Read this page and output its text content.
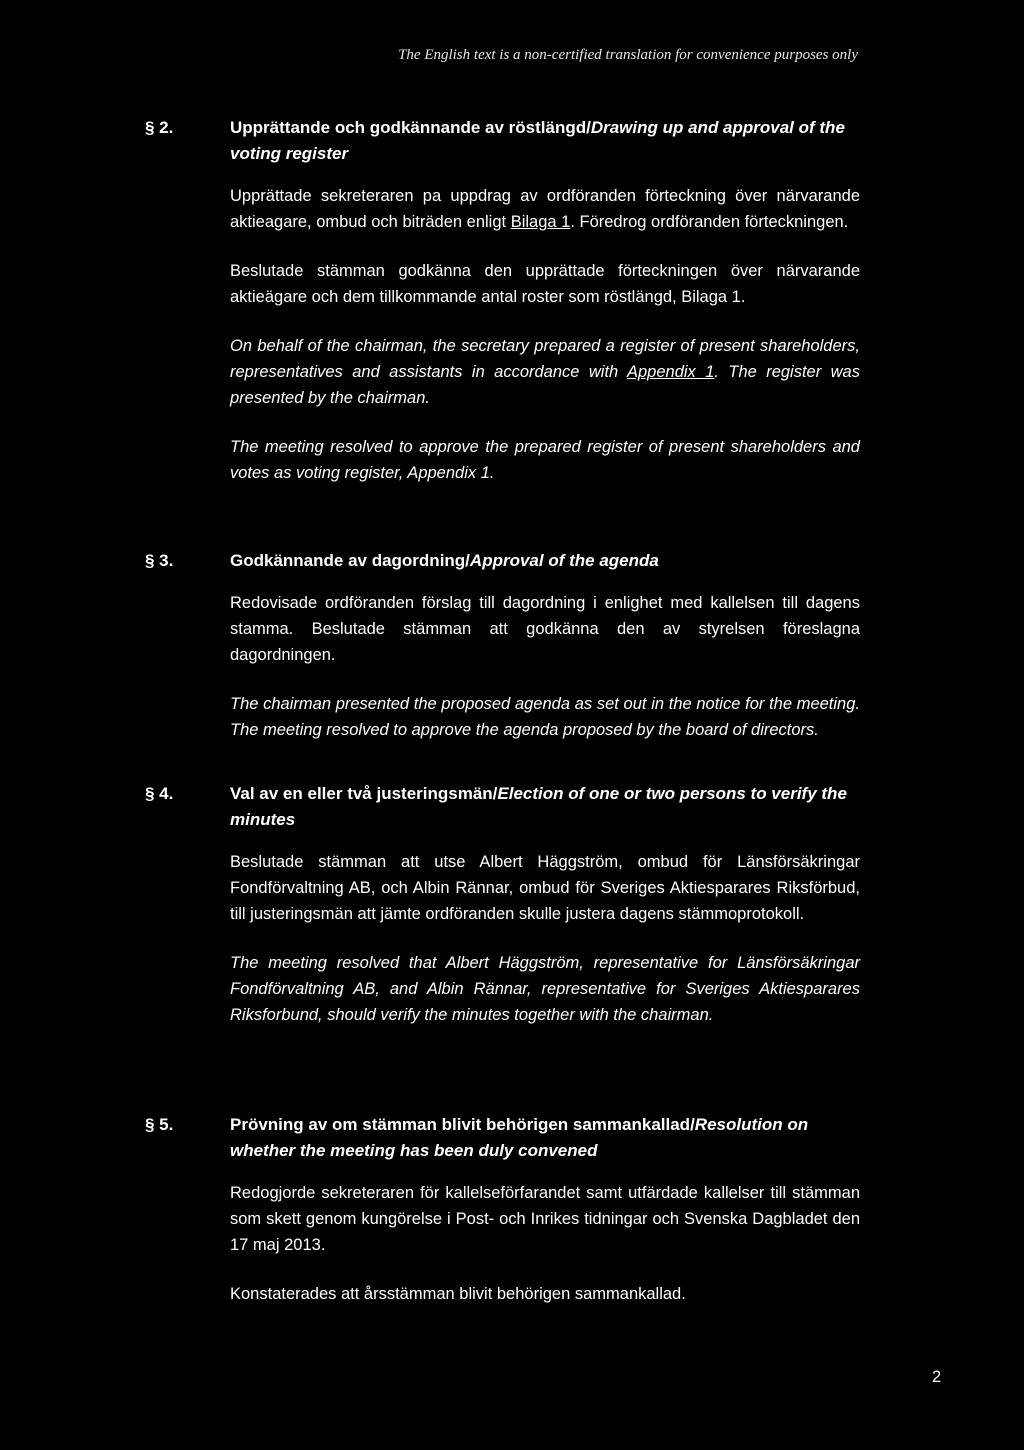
The English text is a non-certified translation for convenience purposes only
§ 2.	Upprättande och godkännande av röstlängd/Drawing up and approval of the voting register

Upprättade sekreteraren pa uppdrag av ordföranden förteckning över närvarande aktieagare, ombud och biträden enligt Bilaga 1. Föredrog ordföranden förteckningen.

Beslutade stämman godkänna den upprättade förteckningen över närvarande aktieägare och dem tillkommande antal roster som röstlängd, Bilaga 1.

On behalf of the chairman, the secretary prepared a register of present shareholders, representatives and assistants in accordance with Appendix 1. The register was presented by the chairman.

The meeting resolved to approve the prepared register of present shareholders and votes as voting register, Appendix 1.

§ 3.	Godkännande av dagordning/Approval of the agenda

Redovisade ordföranden förslag till dagordning i enlighet med kallelsen till dagens stamma. Beslutade stämman att godkänna den av styrelsen föreslagna dagordningen.

The chairman presented the proposed agenda as set out in the notice for the meeting. The meeting resolved to approve the agenda proposed by the board of directors.

§ 4.	Val av en eller två justeringsmän/Election of one or two persons to verify the minutes

Beslutade stämman att utse Albert Häggström, ombud för Länsförsäkringar Fondförvaltning AB, och Albin Rännar, ombud för Sveriges Aktiesparares Riksförbud, till justeringsmän att jämte ordföranden skulle justera dagens stämmoprotokoll.

The meeting resolved that Albert Häggström, representative for Länsförsäkringar Fondförvaltning AB, and Albin Rännar, representative for Sveriges Aktiesparares Riksforbund, should verify the minutes together with the chairman.

§ 5.	Prövning av om stämman blivit behörigen sammankallad/Resolution on whether the meeting has been duly convened

Redogjorde sekreteraren för kallelseförfarandet samt utfärdade kallelser till stämman som skett genom kungörelse i Post- och Inrikes tidningar och Svenska Dagbladet den 17 maj 2013.

Konstaterades att årsstämman blivit behörigen sammankallad.

2
